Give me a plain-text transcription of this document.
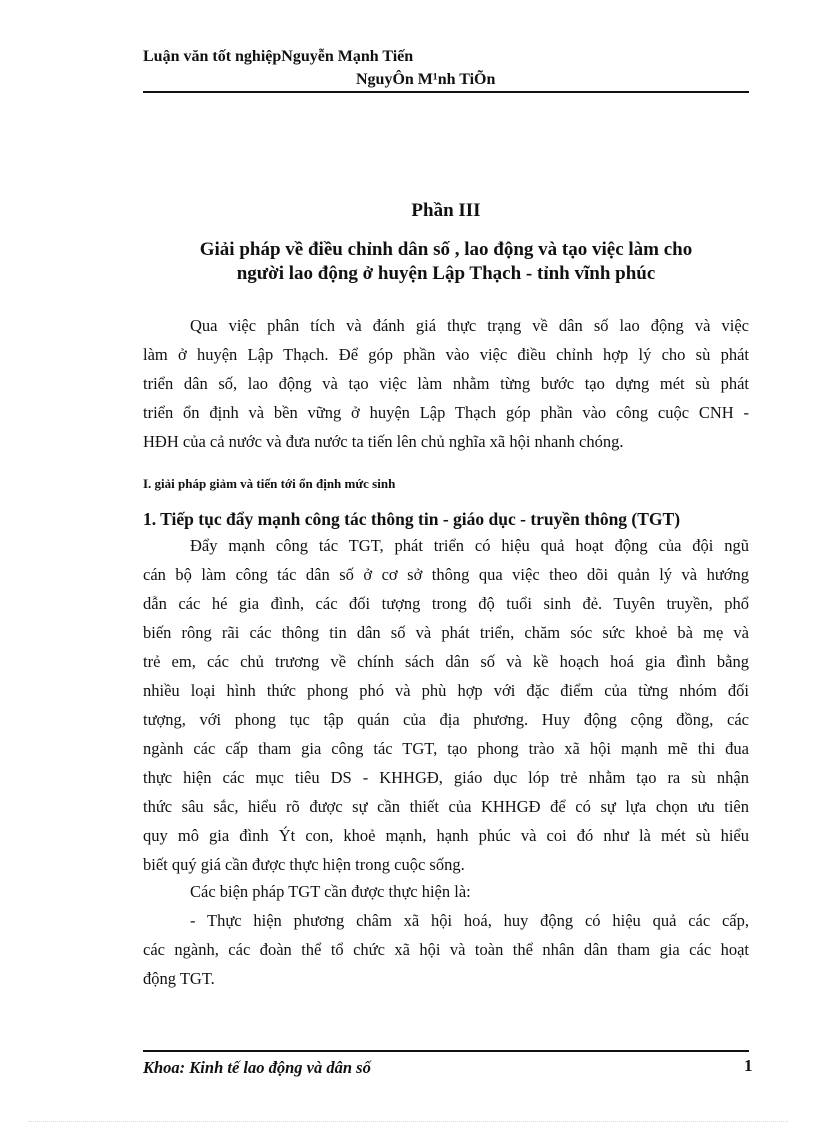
Luận văn tốt nghiệpNguyễn Mạnh Tiến
NguyÔn M¹nh TiÕn
Phần III
Giải pháp về điều chỉnh dân số , lao động và tạo việc làm cho
người lao động ở huyện Lập Thạch - tỉnh vĩnh phúc
Qua việc phân tích và đánh giá thực trạng về dân số lao động và việc
làm ở huyện Lập Thạch. Để góp phần vào việc điều chỉnh hợp lý cho sù phát
triển dân số, lao động và tạo việc làm nhằm từng bước tạo dựng mét sù phát
triển ổn định và bền vững ở huyện Lập Thạch góp phần vào công cuộc CNH -
HĐH của cả nước và đưa nước ta tiến lên chủ nghĩa xã hội nhanh chóng.
I. giải pháp giảm và tiến tới ổn định mức sinh
1. Tiếp tục đẩy mạnh công tác thông tin - giáo dục - truyền thông (TGT)
Đẩy mạnh công tác TGT, phát triển có hiệu quả hoạt động của đội ngũ
cán bộ làm công tác dân số ở cơ sở thông qua việc theo dõi quản lý và hướng
dẫn các hé gia đình, các đối tượng trong độ tuổi sinh đẻ. Tuyên truyền, phổ
biến rông rãi các thông tin dân số và phát triển, chăm sóc sức khoẻ bà mẹ và
trẻ em, các chủ trương về chính sách dân số và kề hoạch hoá gia đình bằng
nhiều loại hình thức phong phó và phù hợp với đặc điểm của từng nhóm đối
tượng, với phong tục tập quán của địa phương. Huy động cộng đồng, các
ngành các cấp tham gia công tác TGT, tạo phong trào xã hội mạnh mẽ thi đua
thực hiện các mục tiêu DS - KHHGĐ, giáo dục lóp trẻ nhằm tạo ra sù nhận
thức sâu sắc, hiểu rõ được sự cần thiết của KHHGĐ để có sự lựa chọn ưu tiên
quy mô gia đình Ýt con, khoẻ mạnh, hạnh phúc và coi đó như là mét sù hiểu
biết quý giá cần được thực hiện trong cuộc sống.
Các biện pháp TGT cần được thực hiện là:
- Thực hiện phương châm xã hội hoá, huy động có hiệu quả các cấp,
các ngành, các đoàn thể tổ chức xã hội và toàn thể nhân dân tham gia các hoạt
động TGT.
Khoa: Kinh tế lao động và dân số	1
